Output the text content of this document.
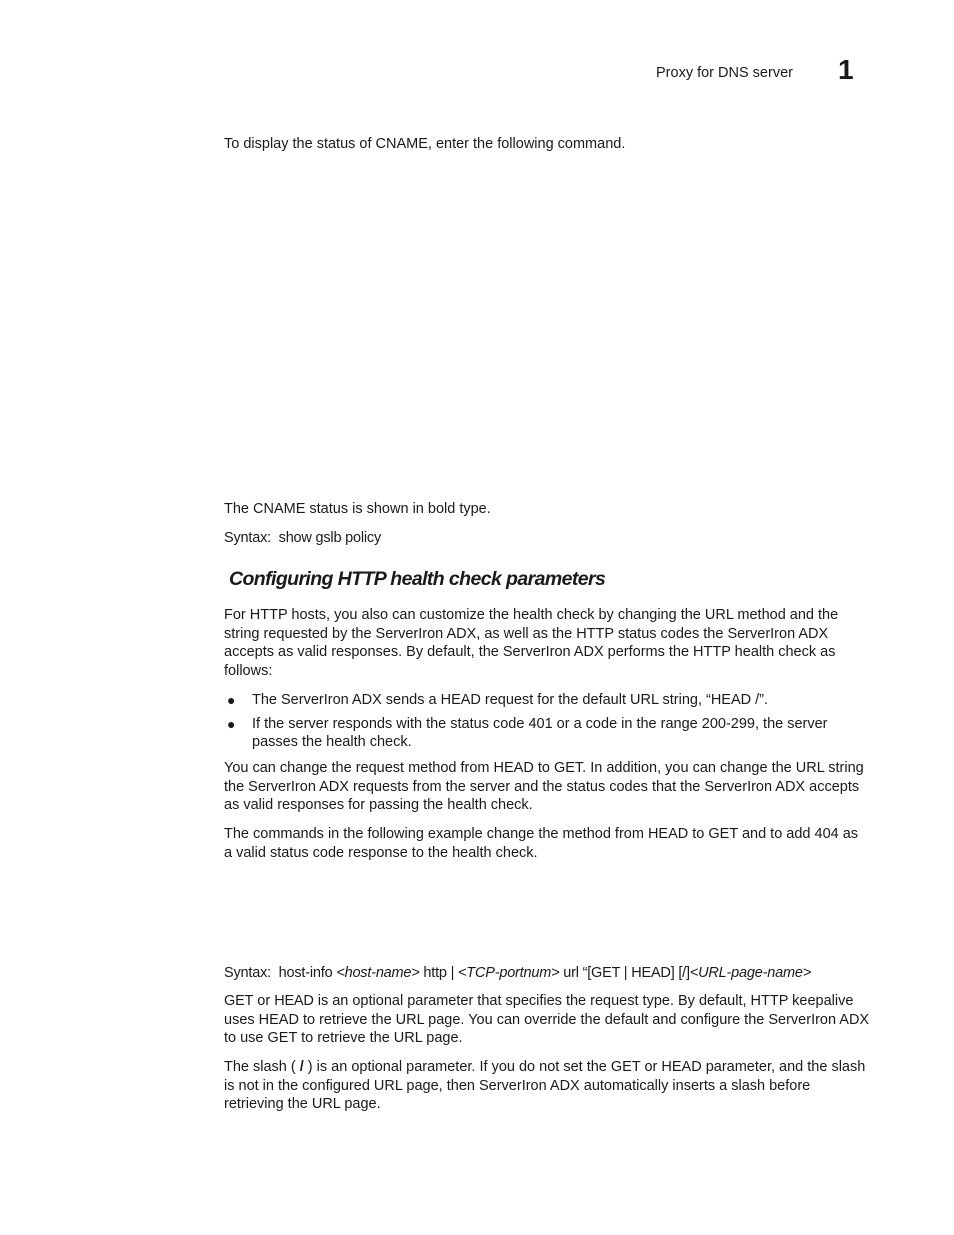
Proxy for DNS server 1
To display the status of CNAME, enter the following command.
The CNAME status is shown in bold type.
Syntax: show gslb policy
Configuring HTTP health check parameters
For HTTP hosts, you also can customize the health check by changing the URL method and the string requested by the ServerIron ADX, as well as the HTTP status codes the ServerIron ADX accepts as valid responses. By default, the ServerIron ADX performs the HTTP health check as follows:
● The ServerIron ADX sends a HEAD request for the default URL string, “HEAD /”.
● If the server responds with the status code 401 or a code in the range 200-299, the server passes the health check.
You can change the request method from HEAD to GET. In addition, you can change the URL string the ServerIron ADX requests from the server and the status codes that the ServerIron ADX accepts as valid responses for passing the health check.
The commands in the following example change the method from HEAD to GET and to add 404 as a valid status code response to the health check.
Syntax: host-info <host-name> http | <TCP-portnum> url “[GET | HEAD] [/]<URL-page-name>
GET or HEAD is an optional parameter that specifies the request type. By default, HTTP keepalive uses HEAD to retrieve the URL page. You can override the default and configure the ServerIron ADX to use GET to retrieve the URL page.
The slash ( / ) is an optional parameter. If you do not set the GET or HEAD parameter, and the slash is not in the configured URL page, then ServerIron ADX automatically inserts a slash before retrieving the URL page.
